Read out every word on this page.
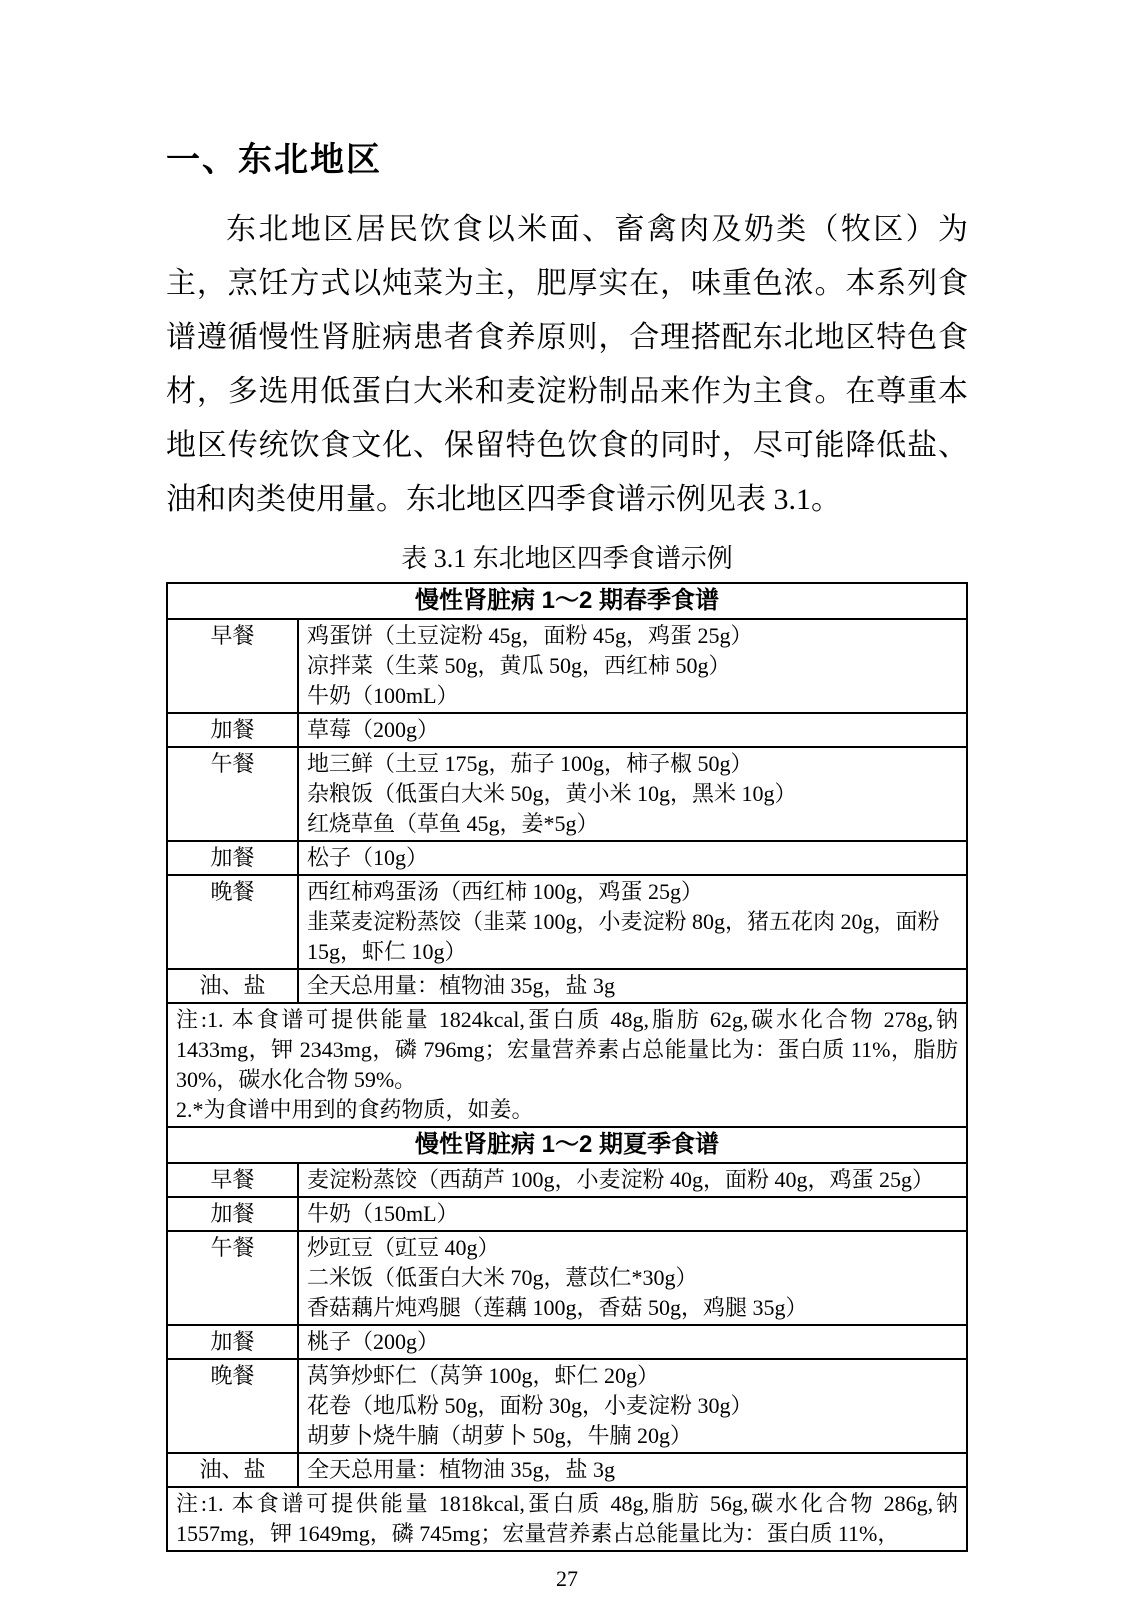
一、东北地区

东北地区居民饮食以米面、畜禽肉及奶类（牧区）为主，烹饪方式以炖菜为主，肥厚实在，味重色浓。本系列食谱遵循慢性肾脏病患者食养原则，合理搭配东北地区特色食材，多选用低蛋白大米和麦淀粉制品来作为主食。在尊重本地区传统饮食文化、保留特色饮食的同时，尽可能降低盐、油和肉类使用量。东北地区四季食谱示例见表 3.1。

表 3.1 东北地区四季食谱示例
慢性肾脏病 1～2 期春季食谱	
早餐	鸡蛋饼（土豆淀粉 45g，面粉 45g，鸡蛋 25g）
凉拌菜（生菜 50g，黄瓜 50g，西红柿 50g）
牛奶（100mL）

加餐	草莓（200g）

午餐	地三鲜（土豆 175g，茄子 100g，柿子椒 50g）
杂粮饭（低蛋白大米 50g，黄小米 10g，黑米 10g）
红烧草鱼（草鱼 45g，姜*5g）

加餐	松子（10g）

晚餐	西红柿鸡蛋汤（西红柿 100g，鸡蛋 25g）
韭菜麦淀粉蒸饺（韭菜 100g，小麦淀粉 80g，猪五花肉 20g，面粉 15g，虾仁 10g）

油、盐	全天总用量：植物油 35g，盐 3g

注:1. 本食谱可提供能量 1824kcal,蛋白质 48g,脂肪 62g,碳水化合物 278g,钠 1433mg，钾 2343mg，磷 796mg；宏量营养素占总能量比为：蛋白质 11%，脂肪 30%，碳水化合物 59%。
2.*为食谱中用到的食药物质，如姜。	

慢性肾脏病 1～2 期夏季食谱	
早餐	麦淀粉蒸饺（西葫芦 100g，小麦淀粉 40g，面粉 40g，鸡蛋 25g）

加餐	牛奶（150mL）

午餐	炒豇豆（豇豆 40g）
二米饭（低蛋白大米 70g，薏苡仁*30g）
香菇藕片炖鸡腿（莲藕 100g，香菇 50g，鸡腿 35g）

加餐	桃子（200g）

晚餐	莴笋炒虾仁（莴笋 100g，虾仁 20g）
花卷（地瓜粉 50g，面粉 30g，小麦淀粉 30g）
胡萝卜烧牛腩（胡萝卜 50g，牛腩 20g）

油、盐	全天总用量：植物油 35g，盐 3g

注:1. 本食谱可提供能量 1818kcal,蛋白质 48g,脂肪 56g,碳水化合物 286g,钠 1557mg，钾 1649mg，磷 745mg；宏量营养素占总能量比为：蛋白质 11%，	
27
